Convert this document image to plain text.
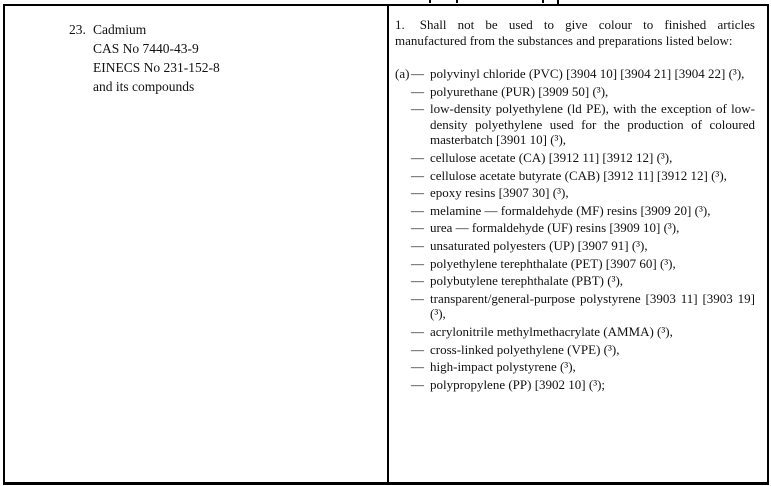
23. Cadmium
CAS No 7440-43-9
EINECS No 231-152-8
and its compounds

1. Shall not be used to give colour to finished articles manufactured from the substances and preparations listed below:

(a) — polyvinyl chloride (PVC) [3904 10] [3904 21] [3904 22] (³),
— polyurethane (PUR) [3909 50] (³),
— low-density polyethylene (ld PE), with the exception of low-density polyethylene used for the production of coloured masterbatch [3901 10] (³),
— cellulose acetate (CA) [3912 11] [3912 12] (³),
— cellulose acetate butyrate (CAB) [3912 11] [3912 12] (³),
— epoxy resins [3907 30] (³),
— melamine — formaldehyde (MF) resins [3909 20] (³),
— urea — formaldehyde (UF) resins [3909 10] (³),
— unsaturated polyesters (UP) [3907 91] (³),
— polyethylene terephthalate (PET) [3907 60] (³),
— polybutylene terephthalate (PBT) (³),
— transparent/general-purpose polystyrene [3903 11] [3903 19] (³),
— acrylonitrile methylmethacrylate (AMMA) (³),
— cross-linked polyethylene (VPE) (³),
— high-impact polystyrene (³),
— polypropylene (PP) [3902 10] (³);
